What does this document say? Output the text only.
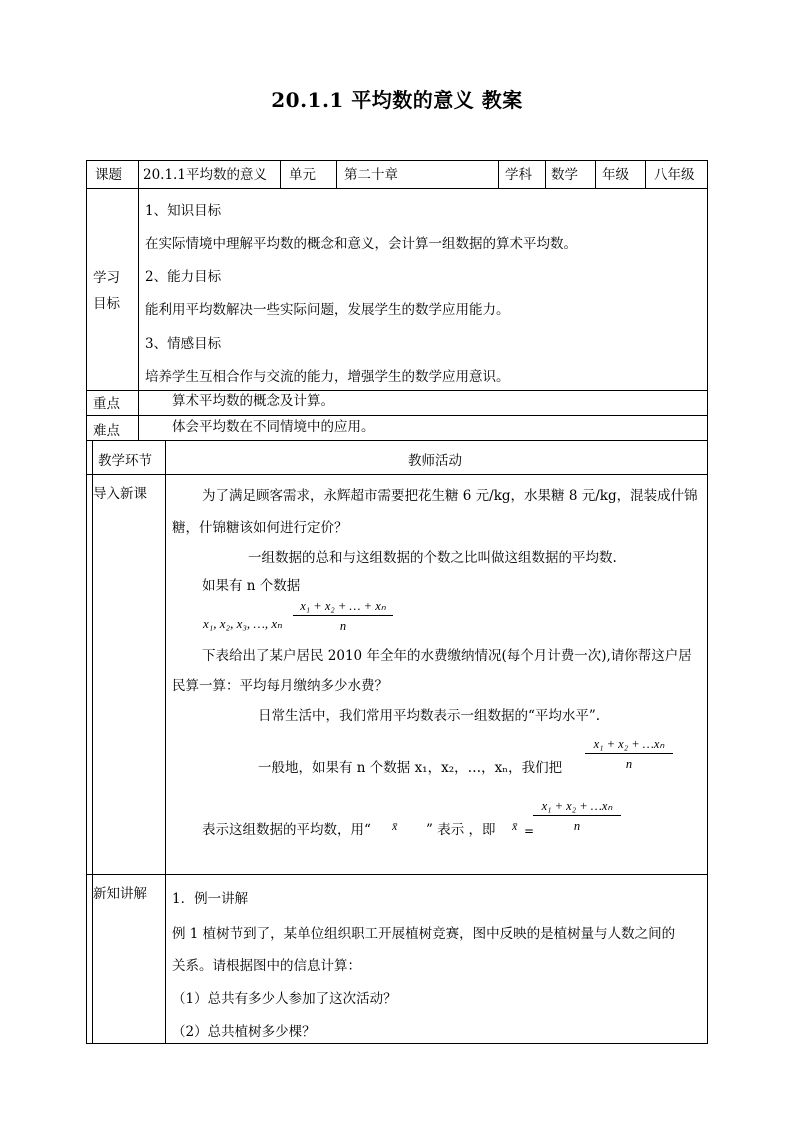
20.1.1 平均数的意义 教案
课题 20.1.1平均数的意义 单元 第二十章	学科 数学 年级 八年级
学习
目标
1、知识目标
在实际情境中理解平均数的概念和意义，会计算一组数据的算术平均数。
2、能力目标
能利用平均数解决一些实际问题，发展学生的数学应用能力。
3、情感目标
培养学生互相合作与交流的能力，增强学生的数学应用意识。
重点	算术平均数的概念及计算。
难点	体会平均数在不同情境中的应用。
教学环节	教师活动
导入新课	为了满足顾客需求，永辉超市需要把花生糖 6 元/kg，水果糖 8 元/kg，混装成什锦
糖，什锦糖该如何进行定价？
一组数据的总和与这组数据的个数之比叫做这组数据的平均数.
如果有 n 个数据
x₁, x₂, x₃, …, xₙ $\frac{\text{x₁ + x₂ + … + xₙ}}{n}$
下表给出了某户居民 2010 年全年的水费缴纳情况(每个月计费一次),请你帮这户居
民算一算：平均每月缴纳多少水费？
日常生活中，我们常用平均数表示一组数据的“平均水平”.
一般地，如果有 n 个数据 x₁，x₂，…，xₙ，我们把 $\frac{\text{x₁ + x₂ + …xₙ}}{n}$
表示这组数据的平均数，用“ x̄ ” 表示 ，即 x̄ =
$\frac{\text{x₁ + x₂ + …xₙ}}{n}$
新知讲解 1．例一讲解
例 1 植树节到了，某单位组织职工开展植树竞赛，图中反映的是植树量与人数之间的
关系。请根据图中的信息计算：
（1）总共有多少人参加了这次活动？
（2）总共植树多少棵？
